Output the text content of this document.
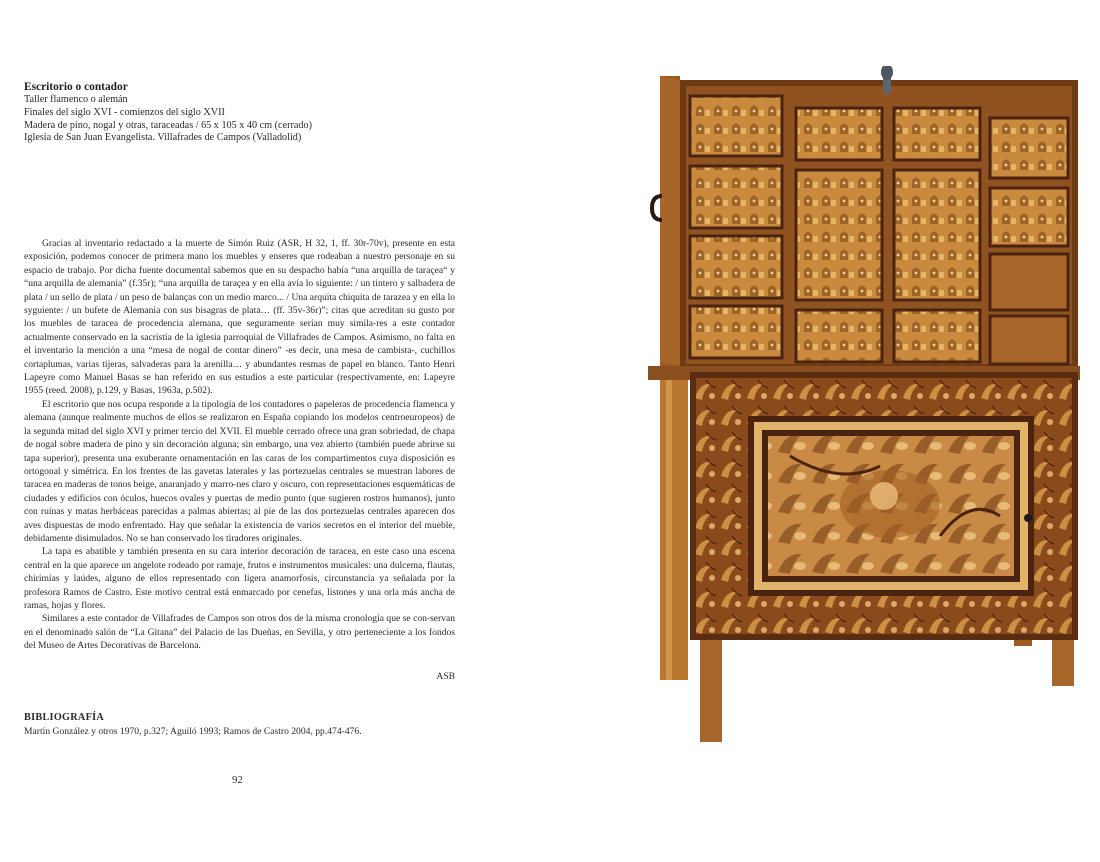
Escritorio o contador
Taller flamenco o alemán
Finales del siglo XVI - comienzos del siglo XVII
Madera de pino, nogal y otras, taraceadas / 65 x 105 x 40 cm (cerrado)
Iglesia de San Juan Evangelista. Villafrades de Campos (Valladolid)

Gracias al inventario redactado a la muerte de Simón Ruiz (ASR, H 32, 1, ff. 30r-70v), presente en esta exposición, podemos conocer de primera mano los muebles y enseres que rodeaban a nuestro personaje en su espacio de trabajo. Por dicha fuente documental sabemos que en su despacho había “una arquilla de taraçea“ y “una arquilla de alemania” (f.35r); “una arquilla de taraçea y en ella avía lo siguiente: / un tintero y salbadera de plata / un sello de plata / un peso de balanças con un medio marco... / Una arquita chiquita de tarazea y en ella lo syguiente: / un bufete de Alemania con sus bisagras de plata… (ff. 35v-36r)”; citas que acreditan su gusto por los muebles de taracea de procedencia alemana, que seguramente serían muy simila-res a este contador actualmente conservado en la sacristía de la iglesia parroquial de Villafrades de Campos. Asimismo, no falta en el inventario la mención a una “mesa de nogal de contar dinero” -es decir, una mesa de cambista-, cuchillos cortaplumas, varias tijeras, salvaderas para la arenilla… y abundantes resmas de papel en blanco. Tanto Henri Lapeyre como Manuel Basas se han referido en sus estudios a este particular (respectivamente, en: Lapeyre 1955 (reed. 2008), p.129, y Basas, 1963a, p.502).

El escritorio que nos ocupa responde a la tipología de los contadores o papeleras de procedencia flamenca y alemana (aunque realmente muchos de ellos se realizaron en España copiando los modelos centroeuropeos) de la segunda mitad del siglo XVI y primer tercio del XVII. El mueble cerrado ofrece una gran sobriedad, de chapa de nogal sobre madera de pino y sin decoración alguna; sin embargo, una vez abierto (también puede abrirse su tapa superior), presenta una exuberante ornamentación en las caras de los compartimentos cuya disposición es ortogonal y simétrica. En los frentes de las gavetas laterales y las portezuelas centrales se muestran labores de taracea en maderas de tonos beige, anaranjado y marro-nes claro y oscuro, con representaciones esquemáticas de ciudades y edificios con óculos, huecos ovales y puertas de medio punto (que sugieren rostros humanos), junto con ruinas y matas herbáceas parecidas a palmas abiertas; al pie de las dos portezuelas centrales aparecen dos aves dispuestas de modo enfrentado. Hay que señalar la existencia de varios secretos en el interior del mueble, debidamente disimulados. No se han conservado los tiradores originales.

La tapa es abatible y también presenta en su cara interior decoración de taracea, en este caso una escena central en la que aparece un angelote rodeado por ramaje, frutos e instrumentos musicales: una dulcema, flautas, chirimías y laúdes, alguno de ellos representado con ligera anamorfosis, circunstancia ya señalada por la profesora Ramos de Castro. Este motivo central está enmarcado por cenefas, listones y una orla más ancha de ramas, hojas y flores.

Similares a este contador de Villafrades de Campos son otros dos de la misma cronología que se con-servan en el denominado salón de “La Gitana” del Palacio de las Dueñas, en Sevilla, y otro perteneciente a los fondos del Museo de Artes Decorativas de Barcelona.

ASB
BIBLIOGRAFÍA
Martín González y otros 1970, p.327; Aguiló 1993; Ramos de Castro 2004, pp.474-476.
92
